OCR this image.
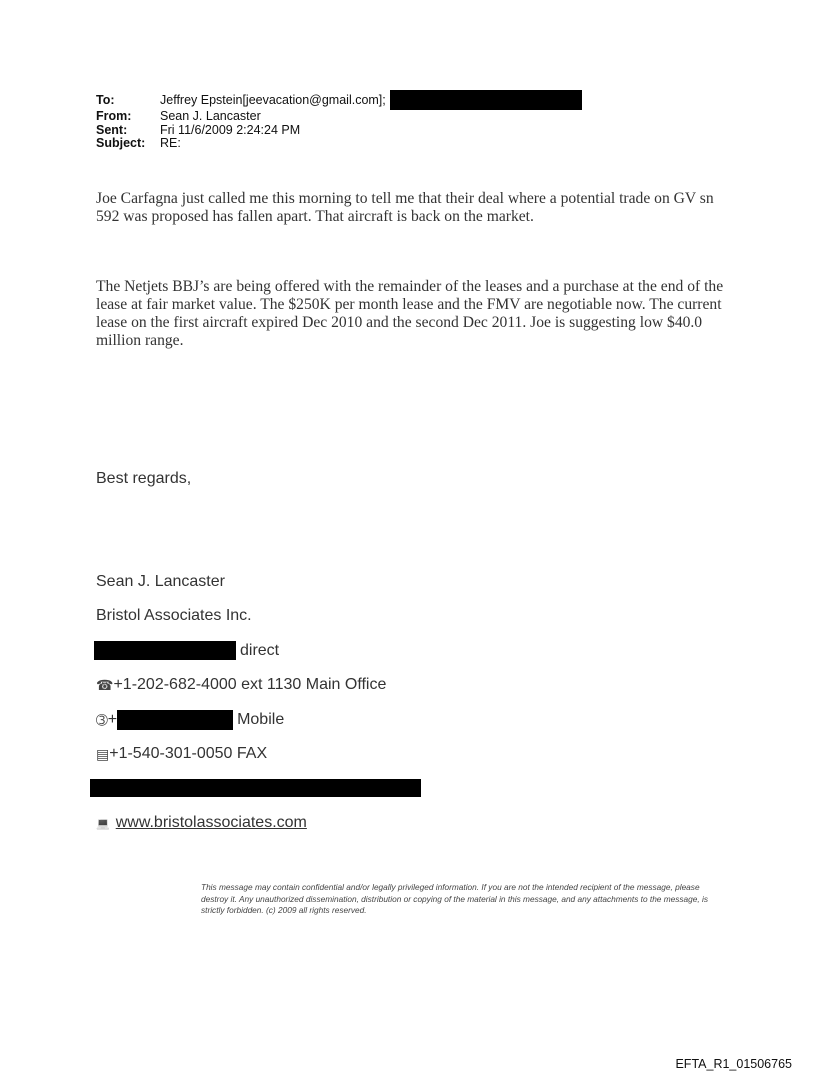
To:	Jeffrey Epstein[jeevacation@gmail.com];
From:	Sean J. Lancaster
Sent:	Fri 11/6/2009 2:24:24 PM
Subject:	RE:
Joe Carfagna just called me this morning to tell me that their deal where a potential trade on GV sn 592 was proposed has fallen apart. That aircraft is back on the market.
The Netjets BBJ’s are being offered with the remainder of the leases and a purchase at the end of the lease at fair market value. The $250K per month lease and the FMV are negotiable now. The current lease on the first aircraft expired Dec 2010 and the second Dec 2011. Joe is suggesting low $40.0 million range.
Best regards,
Sean J. Lancaster
Bristol Associates Inc.
direct
☎ +1-202-682-4000 ext 1130 Main Office
➂ +	Mobile
▤ +1-540-301-0050 FAX
💻 www.bristolassociates.com
This message may contain confidential and/or legally privileged information. If you are not the intended recipient of the message, please destroy it. Any unauthorized dissemination, distribution or copying of the material in this message, and any attachments to the message, is strictly forbidden. (c) 2009 all rights reserved.
EFTA_R1_01506765
